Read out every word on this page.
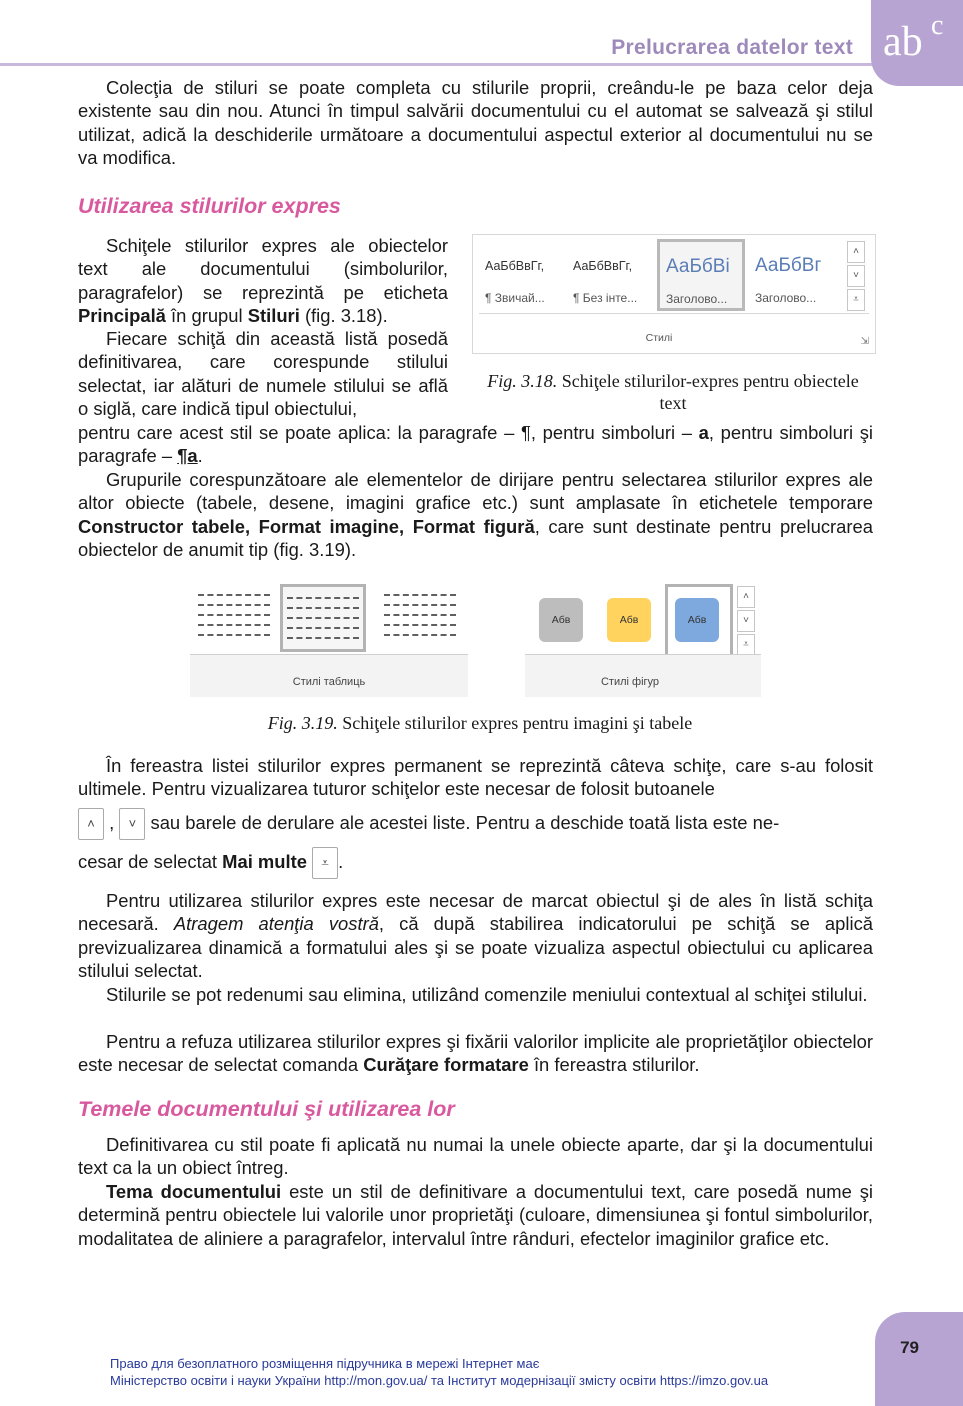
Prelucrarea datelor text ab c

Colecţia de stiluri se poate completa cu stilurile proprii, creându-le pe baza celor deja existente sau din nou. Atunci în timpul salvării documentului cu el automat se salvează şi stilul utilizat, adică la deschiderile următoare a documentului aspectul exterior al documentului nu se va modifica.

Utilizarea stilurilor expres

Schiţele stilurilor expres ale obiectelor text ale documentului (simbolurilor, paragrafelor) se reprezintă pe eticheta Principală în grupul Stiluri (fig. 3.18).

Fiecare schiţă din această listă posedă definitivarea, care corespunde stilului selectat, iar alături de numele stilului se află o siglă, care indică tipul obiectului,

pentru care acest stil se poate aplica: la paragrafe – ¶, pentru simboluri – a, pentru simboluri şi paragrafe – ¶a.

Grupurile corespunzătoare ale elementelor de dirijare pentru selectarea stilurilor expres ale altor obiecte (tabele, desene, imagini grafice etc.) sunt amplasate în etichetele temporare Constructor tabele, Format imagine, Format figură, care sunt destinate pentru prelucrarea obiectelor de anumit tip (fig. 3.19).

АаБбВвГг,
¶ Звичай...
АаБбВвГг,
¶ Без інте...
АаБбВі
Заголово...
АаБбВг
Заголово...
˄
˅
⩡
Стилі	⇲
Fig. 3.18. Schiţele stilurilor-expres pentru obiectele text
Стилі таблиць
Абв	Абв	Абв
˄
˅
⩡
Стилі фігур
Fig. 3.19. Schiţele stilurilor expres pentru imagini şi tabele

În fereastra listei stilurilor expres permanent se reprezintă câteva schiţe, care s-au folosit ultimele. Pentru vizualizarea tuturor schiţelor este necesar de folosit butoanele

˄ , ˅ sau barele de derulare ale acestei liste. Pentru a deschide toată lista este ne-

cesar de selectat Mai multe ⩡ .

Pentru utilizarea stilurilor expres este necesar de marcat obiectul şi de ales în listă schiţa necesară. Atragem atenţia vostră, că după stabilirea indicatorului pe schiţă se aplică previzualizarea dinamică a formatului ales şi se poate vizualiza aspectul obiectului cu aplicarea stilului selectat.

Stilurile se pot redenumi sau elimina, utilizând comenzile meniului contextual al schiţei stilului.

Pentru a refuza utilizarea stilurilor expres şi fixării valorilor implicite ale proprietăţilor obiectelor este necesar de selectat comanda Curăţare formatare în fereastra stilurilor.

Temele documentului şi utilizarea lor

Definitivarea cu stil poate fi aplicată nu numai la unele obiecte aparte, dar şi la documentului text ca la un obiect întreg.

Tema documentului este un stil de definitivare a documentului text, care posedă nume şi determină pentru obiectele lui valorile unor proprietăţi (culoare, dimensiunea şi fontul simbolurilor, modalitatea de aliniere a paragrafelor, intervalul între rânduri, efectelor imaginilor grafice etc.

79
Право для безоплатного розміщення підручника в мережі Інтернет має
Міністерство освіти і науки України http://mon.gov.ua/ та Інститут модернізації змісту освіти https://imzo.gov.ua
